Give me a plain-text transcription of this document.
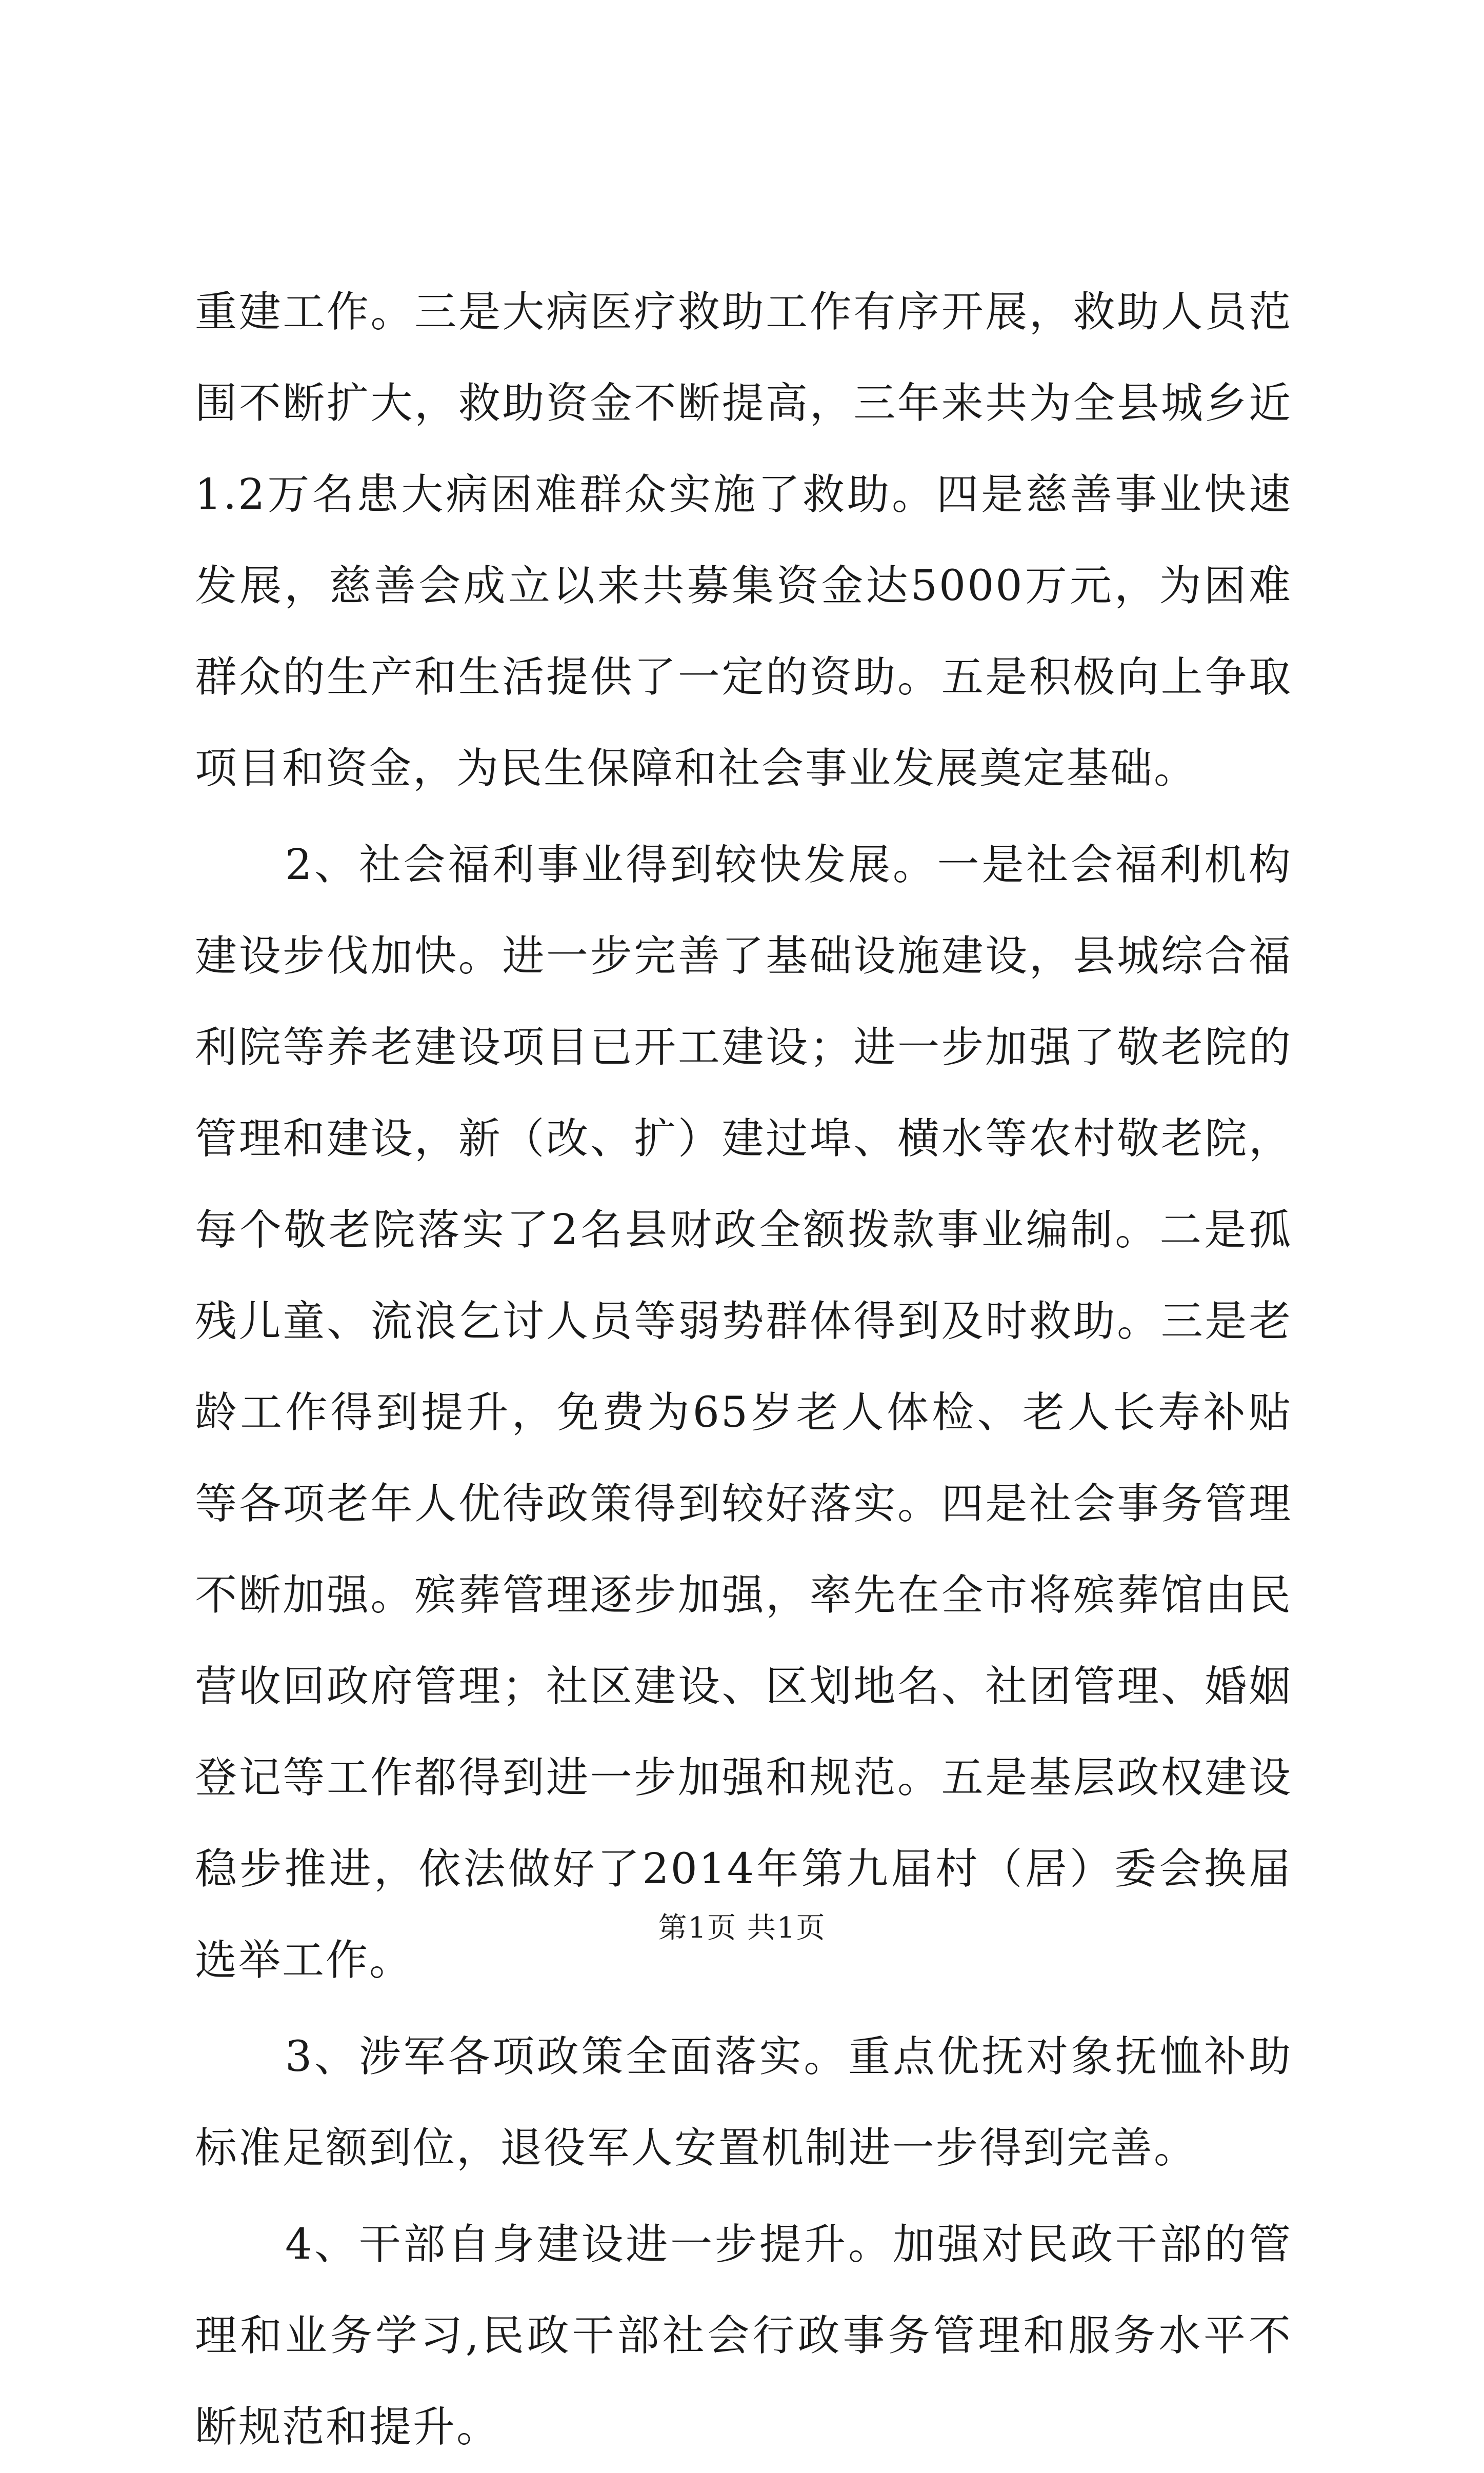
重建工作。三是大病医疗救助工作有序开展，救助人员范围不断扩大，救助资金不断提高，三年来共为全县城乡近1.2万名患大病困难群众实施了救助。四是慈善事业快速发展，慈善会成立以来共募集资金达5000万元，为困难群众的生产和生活提供了一定的资助。五是积极向上争取项目和资金，为民生保障和社会事业发展奠定基础。

2、社会福利事业得到较快发展。一是社会福利机构建设步伐加快。进一步完善了基础设施建设，县城综合福利院等养老建设项目已开工建设；进一步加强了敬老院的管理和建设，新（改、扩）建过埠、横水等农村敬老院，每个敬老院落实了2名县财政全额拨款事业编制。二是孤残儿童、流浪乞讨人员等弱势群体得到及时救助。三是老龄工作得到提升，免费为65岁老人体检、老人长寿补贴等各项老年人优待政策得到较好落实。四是社会事务管理不断加强。殡葬管理逐步加强，率先在全市将殡葬馆由民营收回政府管理；社区建设、区划地名、社团管理、婚姻登记等工作都得到进一步加强和规范。五是基层政权建设稳步推进，依法做好了2014年第九届村（居）委会换届选举工作。

3、涉军各项政策全面落实。重点优抚对象抚恤补助标准足额到位，退役军人安置机制进一步得到完善。

4、干部自身建设进一步提升。加强对民政干部的管理和业务学习,民政干部社会行政事务管理和服务水平不断规范和提升。

第1页 共1页
